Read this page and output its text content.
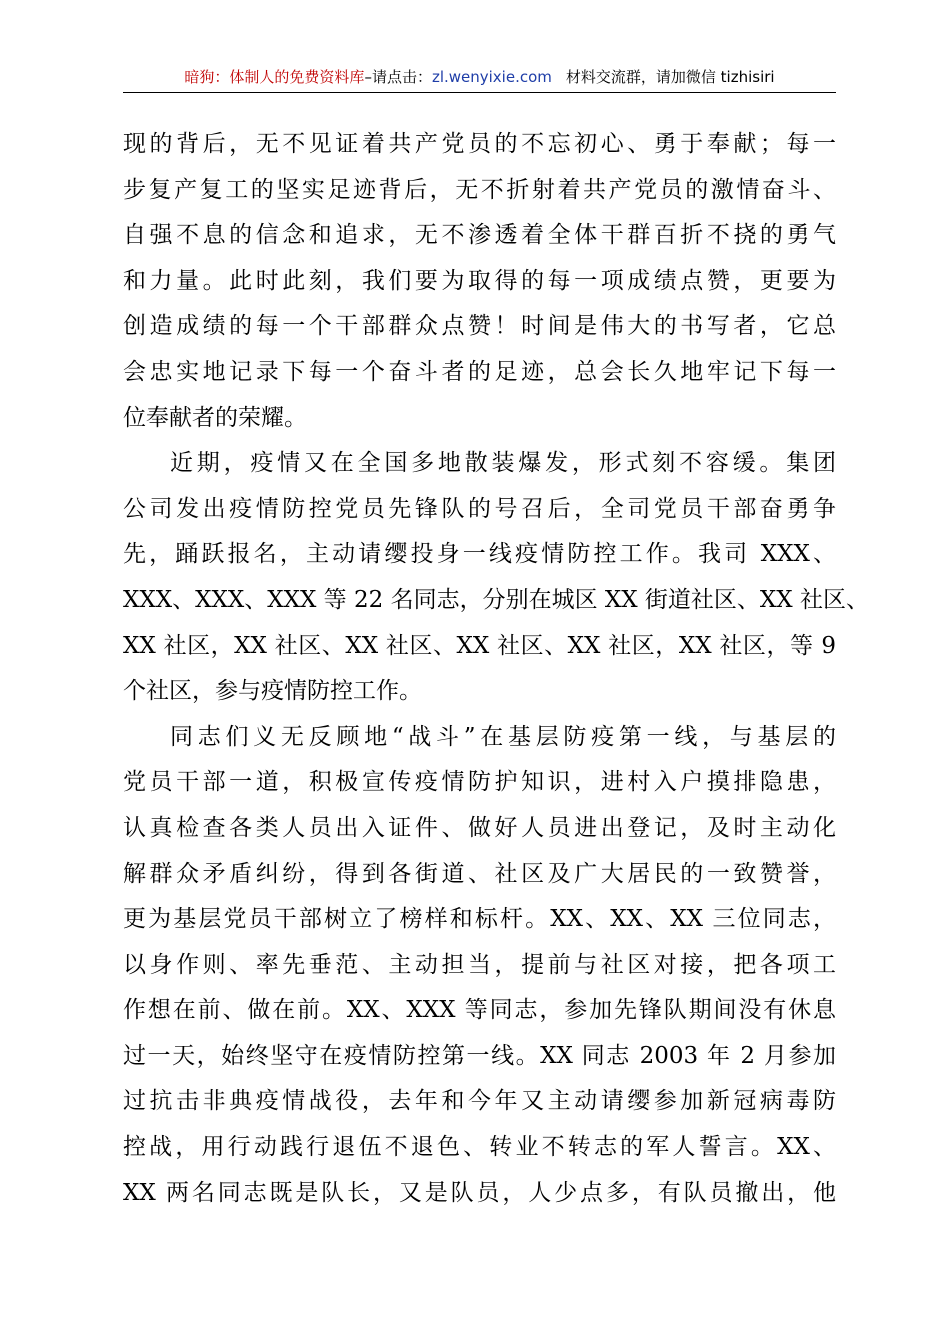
暗狗：体制人的免费资料库–请点击：zl.wenyixie.com 材料交流群，请加微信 tizhisiri
现的背后，无不见证着共产党员的不忘初心、勇于奉献；每一
步复产复工的坚实足迹背后，无不折射着共产党员的激情奋斗、
自强不息的信念和追求，无不渗透着全体干群百折不挠的勇气
和力量。此时此刻，我们要为取得的每一项成绩点赞，更要为
创造成绩的每一个干部群众点赞！时间是伟大的书写者，它总
会忠实地记录下每一个奋斗者的足迹，总会长久地牢记下每一
位奉献者的荣耀。
近期，疫情又在全国多地散装爆发，形式刻不容缓。集团
公司发出疫情防控党员先锋队的号召后，全司党员干部奋勇争
先，踊跃报名，主动请缨投身一线疫情防控工作。我司 XXX、
XXX、XXX、XXX 等 22 名同志，分别在城区 XX 街道社区、XX 社区、
XX 社区，XX 社区、XX 社区、XX 社区、XX 社区，XX 社区，等 9
个社区，参与疫情防控工作。
同志们义无反顾地“战斗”在基层防疫第一线，与基层的
党员干部一道，积极宣传疫情防护知识，进村入户摸排隐患，
认真检查各类人员出入证件、做好人员进出登记，及时主动化
解群众矛盾纠纷，得到各街道、社区及广大居民的一致赞誉，
更为基层党员干部树立了榜样和标杆。XX、XX、XX 三位同志，
以身作则、率先垂范、主动担当，提前与社区对接，把各项工
作想在前、做在前。XX、XXX 等同志，参加先锋队期间没有休息
过一天，始终坚守在疫情防控第一线。XX 同志 2003 年 2 月参加
过抗击非典疫情战役，去年和今年又主动请缨参加新冠病毒防
控战，用行动践行退伍不退色、转业不转志的军人誓言。XX、
XX 两名同志既是队长，又是队员，人少点多，有队员撤出，他
